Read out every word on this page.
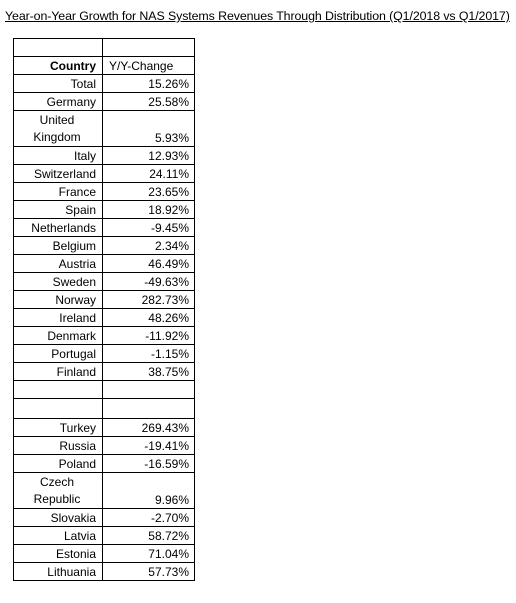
Year-on-Year Growth for NAS Systems Revenues Through Distribution (Q1/2018 vs Q1/2017)

Country	Y/Y-Change
Total	15.26%
Germany	25.58%
United
Kingdom	5.93%
Italy	12.93%
Switzerland	24.11%
France	23.65%
Spain	18.92%
Netherlands	-9.45%
Belgium	2.34%
Austria	46.49%
Sweden	-49.63%
Norway	282.73%
Ireland	48.26%
Denmark	-11.92%
Portugal	-1.15%
Finland	38.75%

Turkey	269.43%
Russia	-19.41%
Poland	-16.59%
Czech
Republic	9.96%
Slovakia	-2.70%
Latvia	58.72%
Estonia	71.04%
Lithuania	57.73%
